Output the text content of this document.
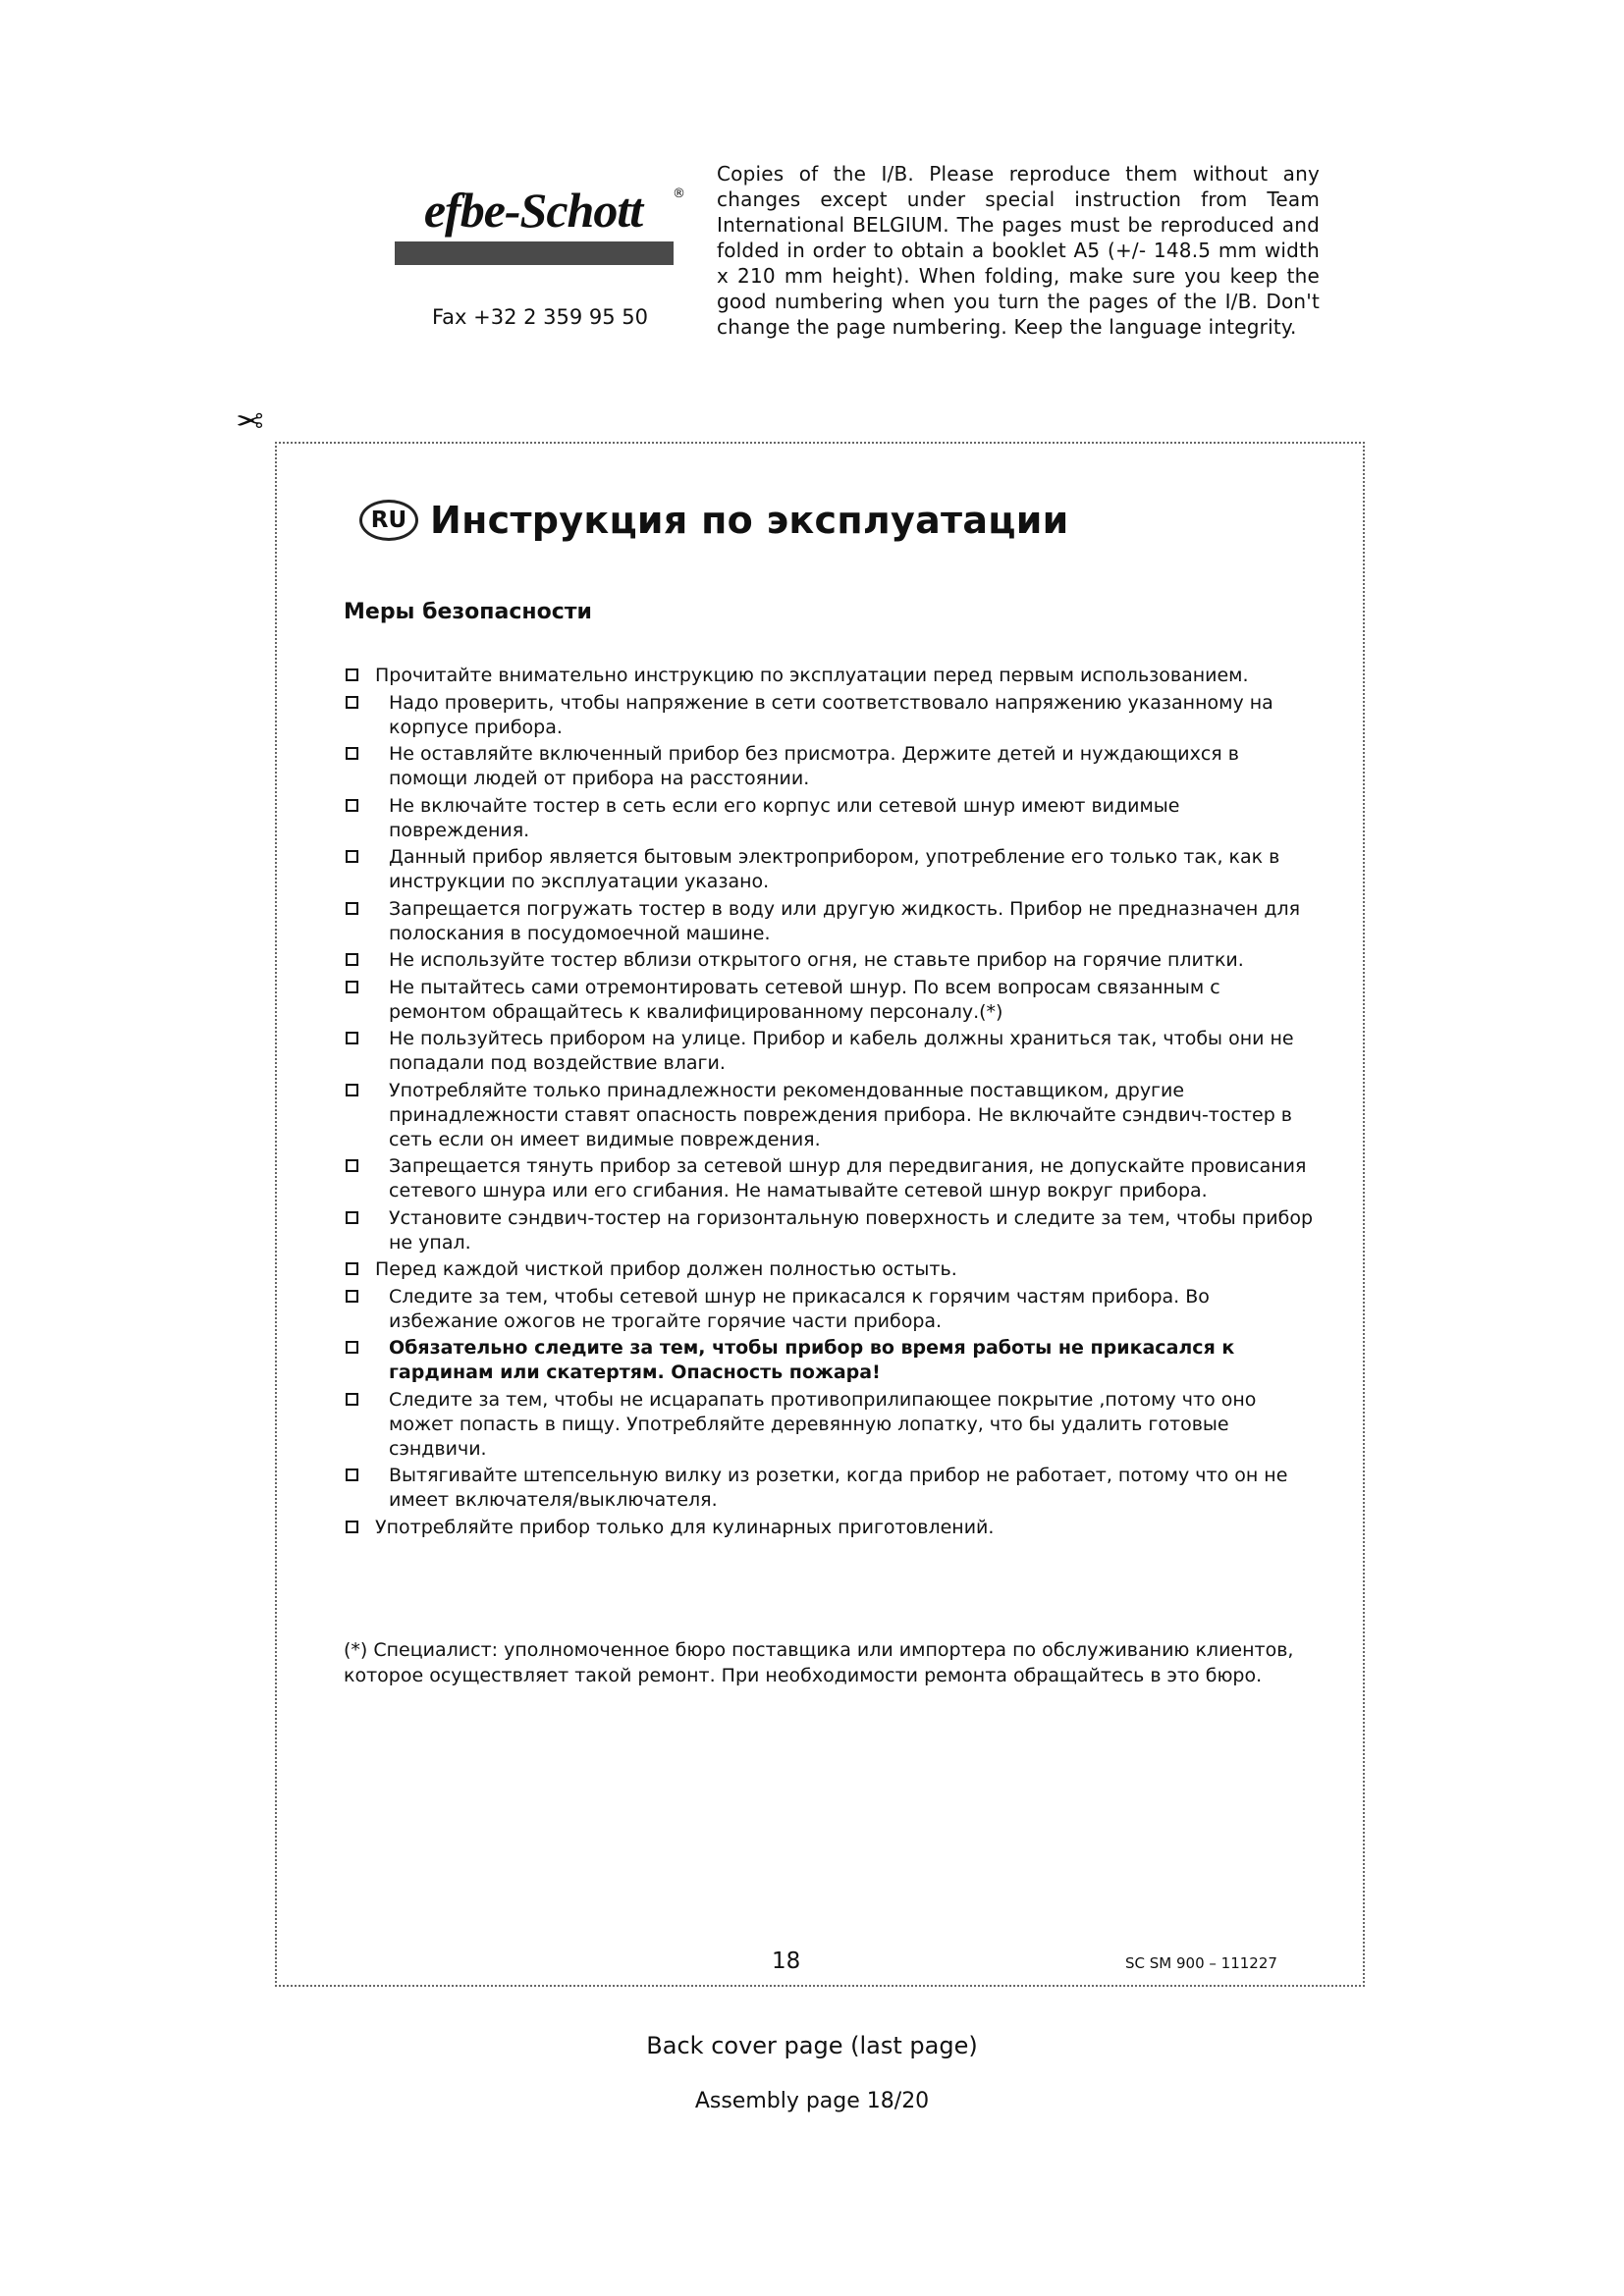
efbe-Schott	®
Fax +32 2 359 95 50
Copies of the I/B. Please reproduce them without any changes except under special instruction from Team International BELGIUM. The pages must be reproduced and folded in order to obtain a booklet A5 (+/- 148.5 mm width x 210 mm height). When folding, make sure you keep the good numbering when you turn the pages of the I/B. Don't change the page numbering. Keep the language integrity.
✂
RU Инструкция по эксплуатации
Меры безопасности
Прочитайте внимательно инструкцию по эксплуатации перед первым использованием.
Надо проверить, чтобы напряжение в сети соответствовало напряжению указанному на корпусе прибора.
Не оставляйте включенный прибор без присмотра. Держите детей и нуждающихся в помощи людей от прибора на расстоянии.
Не включайте тостер в сеть если его корпус или сетевой шнур имеют видимые повреждения.
Данный прибор является бытовым электроприбором, употребление его только так, как в инструкции по эксплуатации указано.
Запрещается погружать тостер в воду или другую жидкость. Прибор не предназначен для полоскания в посудомоечной машине.
Не используйте тостер вблизи открытого огня, не ставьте прибор на горячие плитки.
Не пытайтесь сами отремонтировать сетевой шнур. По всем вопросам связанным с ремонтом обращайтесь к квалифицированному персоналу.(*)
Не пользуйтесь прибором на улице. Прибор и кабель должны храниться так, чтобы они не попадали под воздействие влаги.
Употребляйте только принадлежности рекомендованные поставщиком, другие принадлежности ставят опасность повреждения прибора. Не включайте сэндвич-тостер в сеть если он имеет видимые повреждения.
Запрещается тянуть прибор за сетевой шнур для передвигания, не допускайте провисания сетевого шнура или его сгибания. Не наматывайте сетевой шнур вокруг прибора.
Установите сэндвич-тостер на горизонтальную поверхность и следите за тем, чтобы прибор не упал.
Перед каждой чисткой прибор должен полностью остыть.
Следите за тем, чтобы сетевой шнур не прикасался к горячим частям прибора. Во избежание ожогов не трогайте горячие части прибора.
Обязательно следите за тем, чтобы прибор во время работы не прикасался к гардинам или скатертям. Опасность пожара!
Следите за тем, чтобы не исцарапать противоприлипающее покрытие ,потому что оно может попасть в пищу. Употребляйте деревянную лопатку, что бы удалить готовые сэндвичи.
Вытягивайте штепсельную вилку из розетки, когда прибор не работает, потому что он не имеет включателя/выключателя.
Употребляйте прибор только для кулинарных приготовлений.
(*) Специалист: уполномоченное бюро поставщика или импортера по обслуживанию клиентов, которое осуществляет такой ремонт. При необходимости ремонта обращайтесь в это бюро.
18	SC SM 900 – 111227
Back cover page (last page)
Assembly page 18/20
